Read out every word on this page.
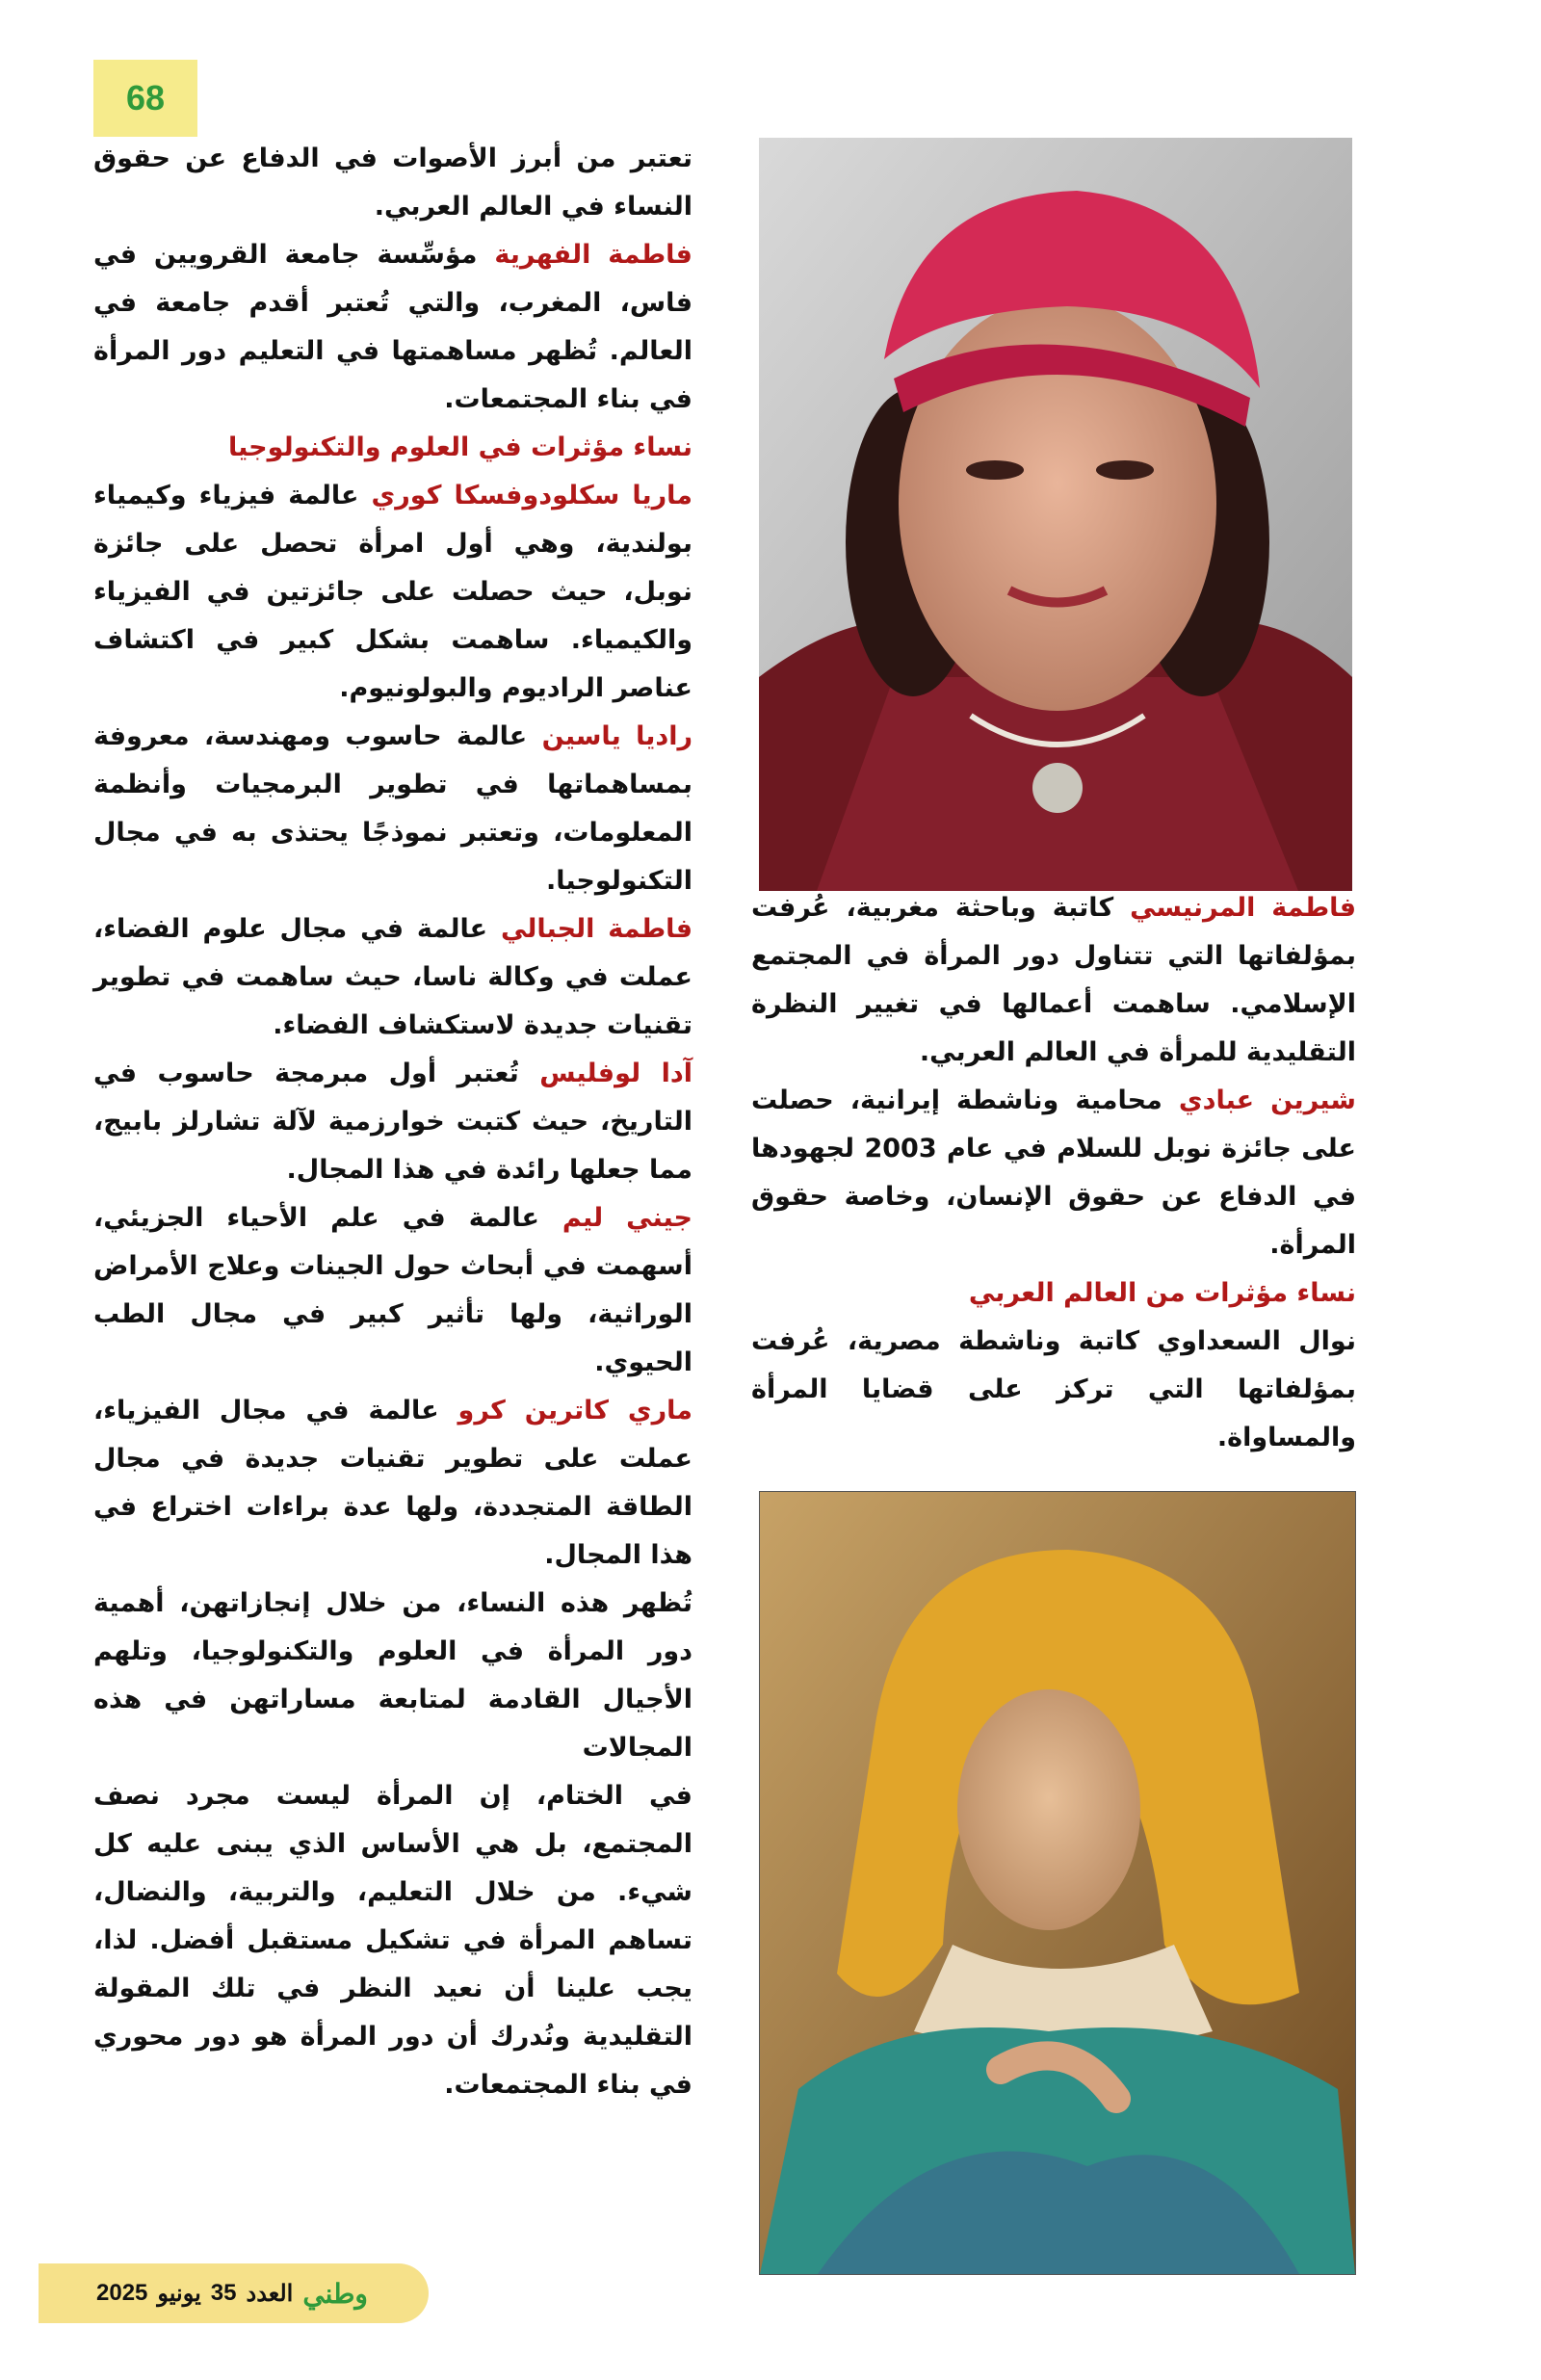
68

تعتبر من أبرز الأصوات في الدفاع عن حقوق النساء في العالم العربي.

فاطمة الفهرية مؤسِّسة جامعة القرويين في فاس، المغرب، والتي تُعتبر أقدم جامعة في العالم. تُظهر مساهمتها في التعليم دور المرأة في بناء المجتمعات.

نساء مؤثرات في العلوم والتكنولوجيا

ماريا سكلودوفسكا كوري عالمة فيزياء وكيمياء بولندية، وهي أول امرأة تحصل على جائزة نوبل، حيث حصلت على جائزتين في الفيزياء والكيمياء. ساهمت بشكل كبير في اكتشاف عناصر الراديوم والبولونيوم.

راديا ياسين عالمة حاسوب ومهندسة، معروفة بمساهماتها في تطوير البرمجيات وأنظمة المعلومات، وتعتبر نموذجًا يحتذى به في مجال التكنولوجيا.

فاطمة الجبالي عالمة في مجال علوم الفضاء، عملت في وكالة ناسا، حيث ساهمت في تطوير تقنيات جديدة لاستكشاف الفضاء.

آدا لوفليس تُعتبر أول مبرمجة حاسوب في التاريخ، حيث كتبت خوارزمية لآلة تشارلز بابيج، مما جعلها رائدة في هذا المجال.

جيني ليم عالمة في علم الأحياء الجزيئي، أسهمت في أبحاث حول الجينات وعلاج الأمراض الوراثية، ولها تأثير كبير في مجال الطب الحيوي.

ماري كاترين كرو عالمة في مجال الفيزياء، عملت على تطوير تقنيات جديدة في مجال الطاقة المتجددة، ولها عدة براءات اختراع في هذا المجال.

تُظهر هذه النساء، من خلال إنجازاتهن، أهمية دور المرأة في العلوم والتكنولوجيا، وتلهم الأجيال القادمة لمتابعة مساراتهن في هذه المجالات

في الختام، إن المرأة ليست مجرد نصف المجتمع، بل هي الأساس الذي يبنى عليه كل شيء. من خلال التعليم، والتربية، والنضال، تساهم المرأة في تشكيل مستقبل أفضل. لذا، يجب علينا أن نعيد النظر في تلك المقولة التقليدية ونُدرك أن دور المرأة هو دور محوري في بناء المجتمعات.

فاطمة المرنيسي كاتبة وباحثة مغربية، عُرفت بمؤلفاتها التي تتناول دور المرأة في المجتمع الإسلامي. ساهمت أعمالها في تغيير النظرة التقليدية للمرأة في العالم العربي.

شيرين عبادي محامية وناشطة إيرانية، حصلت على جائزة نوبل للسلام في عام 2003 لجهودها في الدفاع عن حقوق الإنسان، وخاصة حقوق المرأة.

نساء مؤثرات من العالم العربي

نوال السعداوي كاتبة وناشطة مصرية، عُرفت بمؤلفاتها التي تركز على قضايا المرأة والمساواة.

وطني
العدد
35
يونيو
2025
